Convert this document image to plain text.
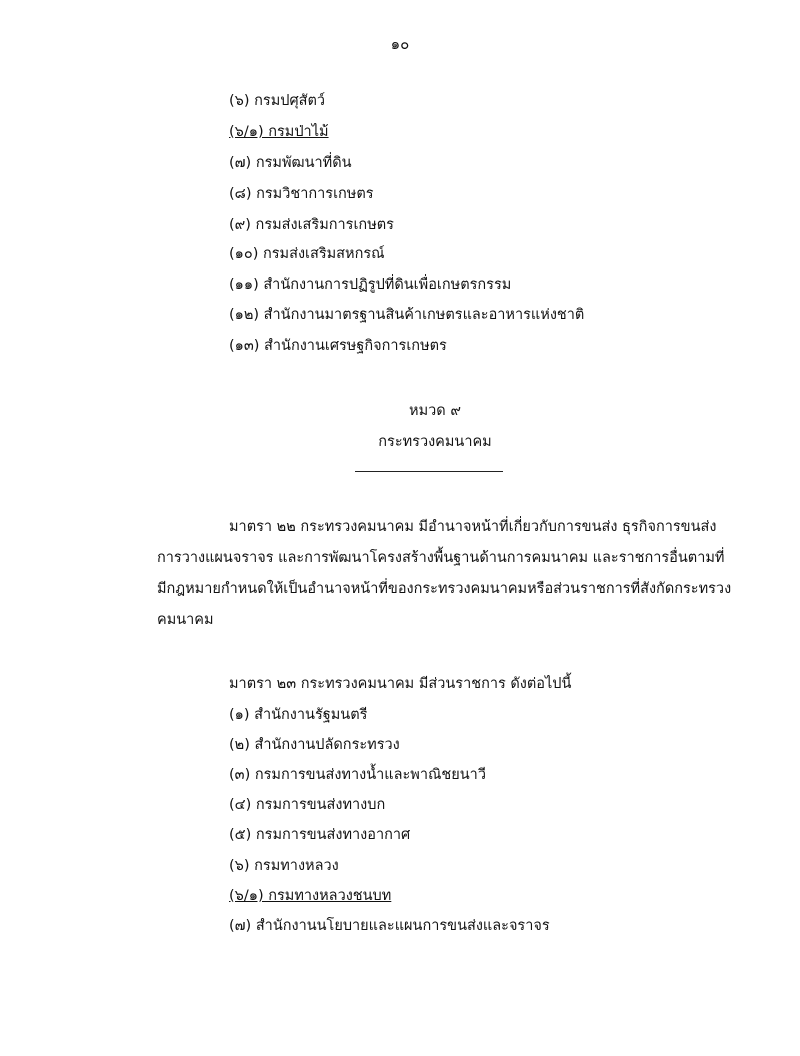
๑๐
(๖) กรมปศุสัตว์
(๖/๑) กรมป่าไม้
(๗) กรมพัฒนาที่ดิน
(๘) กรมวิชาการเกษตร
(๙) กรมส่งเสริมการเกษตร
(๑๐) กรมส่งเสริมสหกรณ์
(๑๑) สำนักงานการปฏิรูปที่ดินเพื่อเกษตรกรรม
(๑๒) สำนักงานมาตรฐานสินค้าเกษตรและอาหารแห่งชาติ
(๑๓) สำนักงานเศรษฐกิจการเกษตร
หมวด ๙
กระทรวงคมนาคม
มาตรา ๒๒ กระทรวงคมนาคม มีอำนาจหน้าที่เกี่ยวกับการขนส่ง ธุรกิจการขนส่ง
การวางแผนจราจร และการพัฒนาโครงสร้างพื้นฐานด้านการคมนาคม และราชการอื่นตามที่
มีกฎหมายกำหนดให้เป็นอำนาจหน้าที่ของกระทรวงคมนาคมหรือส่วนราชการที่สังกัดกระทรวง
คมนาคม
มาตรา ๒๓ กระทรวงคมนาคม มีส่วนราชการ ดังต่อไปนี้
(๑) สำนักงานรัฐมนตรี
(๒) สำนักงานปลัดกระทรวง
(๓) กรมการขนส่งทางน้ำและพาณิชยนาวี
(๔) กรมการขนส่งทางบก
(๕) กรมการขนส่งทางอากาศ
(๖) กรมทางหลวง
(๖/๑) กรมทางหลวงชนบท
(๗) สำนักงานนโยบายและแผนการขนส่งและจราจร
